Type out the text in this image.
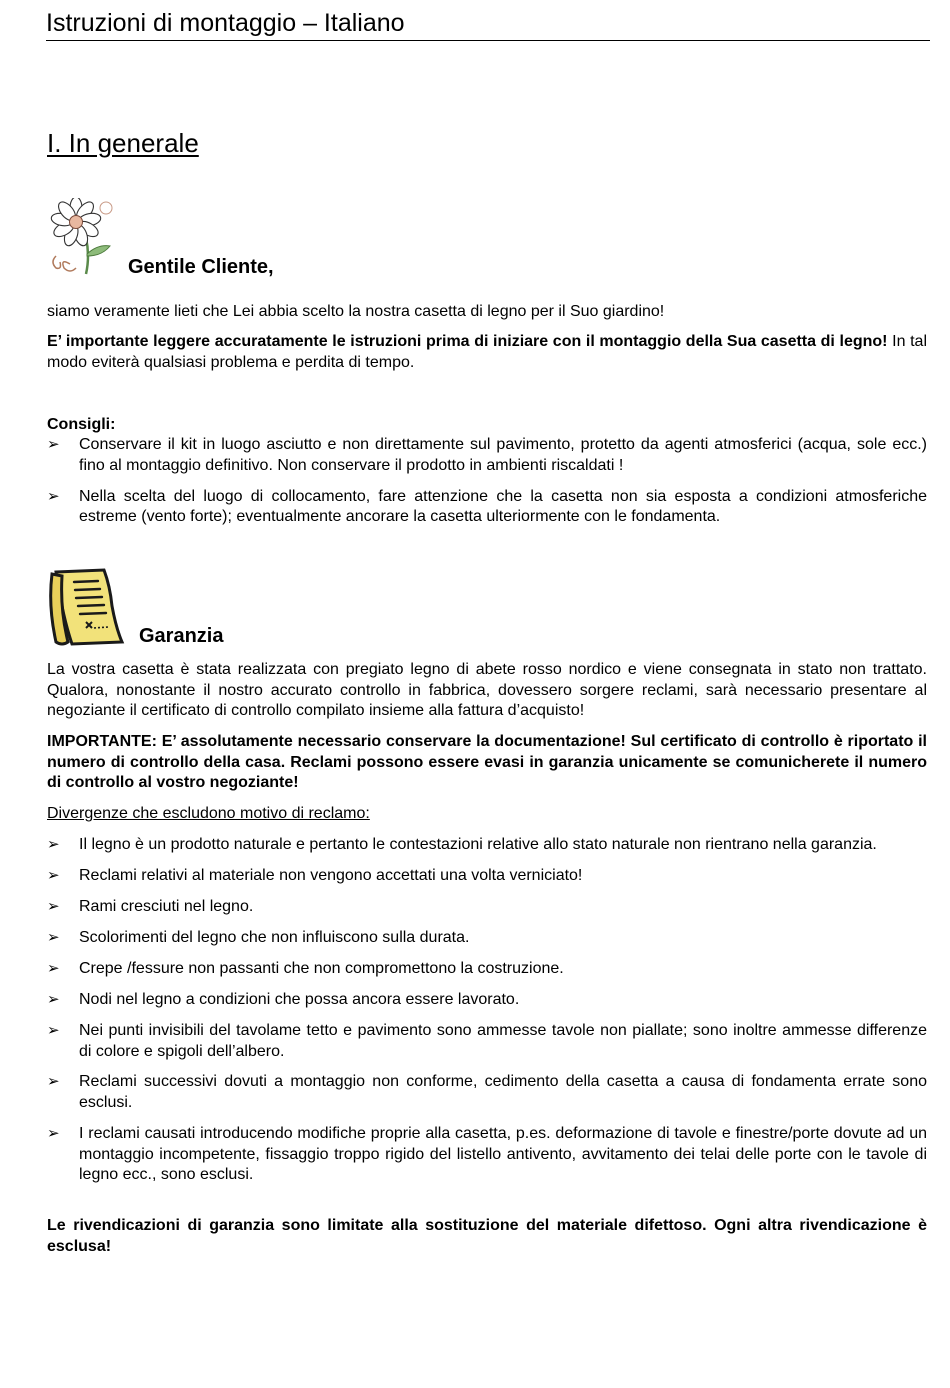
Istruzioni di montaggio – Italiano
I. In generale
Gentile Cliente,
siamo veramente lieti che Lei abbia scelto la nostra casetta di legno per il Suo giardino!
E’ importante leggere accuratamente le istruzioni prima di iniziare con il montaggio della Sua casetta di legno! In tal modo eviterà qualsiasi problema e perdita di tempo.
Consigli:
➢ Conservare il kit in luogo asciutto e non direttamente sul pavimento, protetto da agenti atmosferici (acqua, sole ecc.) fino al montaggio definitivo. Non conservare il prodotto in ambienti riscaldati !
➢ Nella scelta del luogo di collocamento, fare attenzione che la casetta non sia esposta a condizioni atmosferiche estreme (vento forte); eventualmente ancorare la casetta ulteriormente con le fondamenta.
Garanzia
La vostra casetta è stata realizzata con pregiato legno di abete rosso nordico e viene consegnata in stato non trattato. Qualora, nonostante il nostro accurato controllo in fabbrica, dovessero sorgere reclami, sarà necessario presentare al negoziante il certificato di controllo compilato insieme alla fattura d’acquisto!
IMPORTANTE: E’ assolutamente necessario conservare la documentazione! Sul certificato di controllo è riportato il numero di controllo della casa. Reclami possono essere evasi in garanzia unicamente se comunicherete il numero di controllo al vostro negoziante!
Divergenze che escludono motivo di reclamo:
➢ Il legno è un prodotto naturale e pertanto le contestazioni relative allo stato naturale non rientrano nella garanzia.
➢ Reclami relativi al materiale non vengono accettati una volta verniciato!
➢ Rami cresciuti nel legno.
➢ Scolorimenti del legno che non influiscono sulla durata.
➢ Crepe /fessure non passanti che non compromettono la costruzione.
➢ Nodi nel legno a condizioni che possa ancora essere lavorato.
➢ Nei punti invisibili del tavolame tetto e pavimento sono ammesse tavole non piallate; sono inoltre ammesse differenze di colore e spigoli dell’albero.
➢ Reclami successivi dovuti a montaggio non conforme, cedimento della casetta a causa di fondamenta errate sono esclusi.
➢ I reclami causati introducendo modifiche proprie alla casetta, p.es. deformazione di tavole e finestre/porte dovute ad un montaggio incompetente, fissaggio troppo rigido del listello antivento, avvitamento dei telai delle porte con le tavole di legno ecc., sono esclusi.
Le rivendicazioni di garanzia sono limitate alla sostituzione del materiale difettoso. Ogni altra rivendicazione è esclusa!
